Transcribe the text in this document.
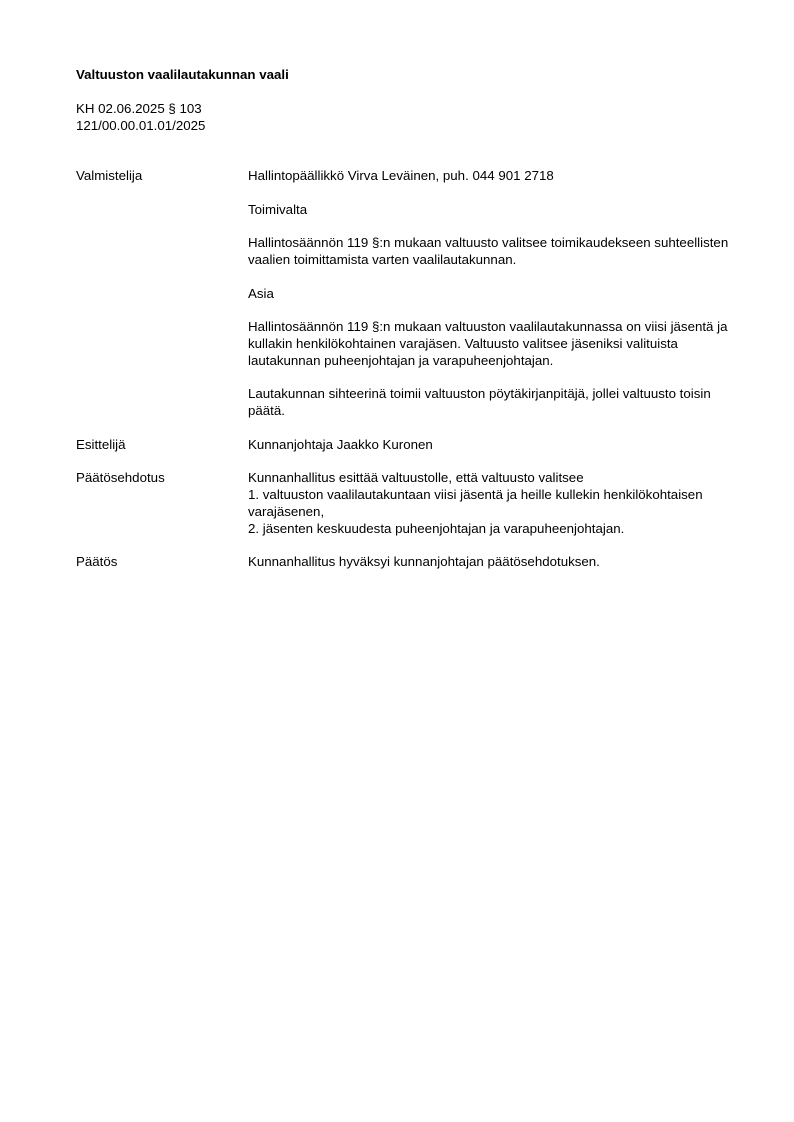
Valtuuston vaalilautakunnan vaali
KH 02.06.2025 § 103
121/00.00.01.01/2025
Valmistelija	Hallintopäällikkö Virva Leväinen, puh. 044 901 2718

Toimivalta

Hallintosäännön 119 §:n mukaan valtuusto valitsee toimikaudekseen suhteellisten vaalien toimittamista varten vaalilautakunnan.

Asia

Hallintosäännön 119 §:n mukaan valtuuston vaalilautakunnassa on viisi jäsentä ja kullakin henkilökohtainen varajäsen. Valtuusto valitsee jäseniksi valituista lautakunnan puheenjohtajan ja varapuheenjohtajan.

Lautakunnan sihteerinä toimii valtuuston pöytäkirjanpitäjä, jollei valtuusto toisin päätä.

Esittelijä	Kunnanjohtaja Jaakko Kuronen

Päätösehdotus	Kunnanhallitus esittää valtuustolle, että valtuusto valitsee

1. valtuuston vaalilautakuntaan viisi jäsentä ja heille kullekin henkilökohtaisen varajäsenen,

2. jäsenten keskuudesta puheenjohtajan ja varapuheenjohtajan.

Päätös	Kunnanhallitus hyväksyi kunnanjohtajan päätösehdotuksen.
